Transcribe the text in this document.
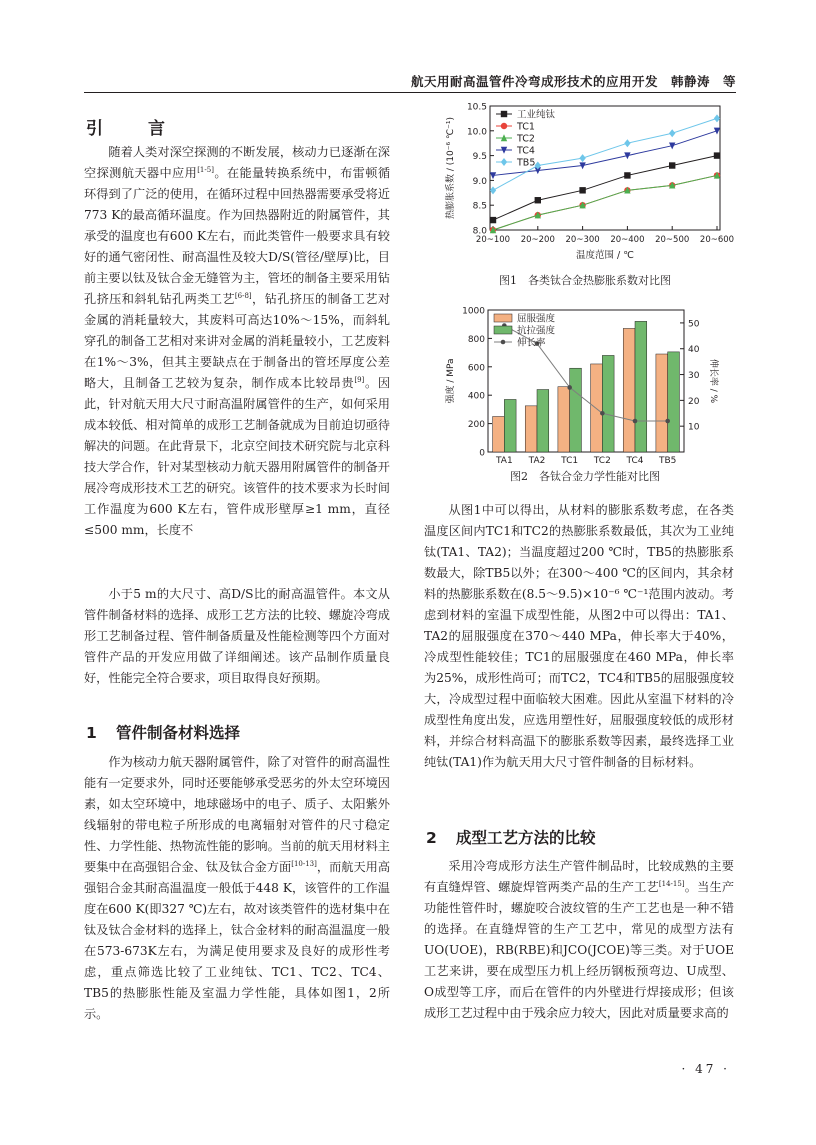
航天用耐高温管件冷弯成形技术的应用开发　韩静涛　等
引　言

随着人类对深空探测的不断发展，核动力已逐渐在深空探测航天器中应用[1-5]。在能量转换系统中，布雷顿循环得到了广泛的使用，在循环过程中回热器需要承受将近773 K的最高循环温度。作为回热器附近的附属管件，其承受的温度也有600 K左右，而此类管件一般要求具有较好的通气密闭性、耐高温性及较大D/S(管径/壁厚)比，目前主要以钛及钛合金无缝管为主，管坯的制备主要采用钻孔挤压和斜轧钻孔两类工艺[6-8]，钻孔挤压的制备工艺对金属的消耗量较大，其废料可高达10%～15%，而斜轧穿孔的制备工艺相对来讲对金属的消耗量较小，工艺废料在1%～3%，但其主要缺点在于制备出的管坯厚度公差略大，且制备工艺较为复杂，制作成本比较昂贵[9]。因此，针对航天用大尺寸耐高温附属管件的生产，如何采用成本较低、相对简单的成形工艺制备就成为目前迫切亟待解决的问题。在此背景下，北京空间技术研究院与北京科技大学合作，针对某型核动力航天器用附属管件的制备开展冷弯成形技术工艺的研究。该管件的技术要求为长时间工作温度为600 K左右，管件成形壁厚≥1 mm，直径≤500 mm，长度不

小于5 m的大尺寸、高D/S比的耐高温管件。本文从管件制备材料的选择、成形工艺方法的比较、螺旋冷弯成形工艺制备过程、管件制备质量及性能检测等四个方面对管件产品的开发应用做了详细阐述。该产品制作质量良好，性能完全符合要求，项目取得良好预期。

1 管件制备材料选择

作为核动力航天器附属管件，除了对管件的耐高温性能有一定要求外，同时还要能够承受恶劣的外太空环境因素，如太空环境中，地球磁场中的电子、质子、太阳紫外线辐射的带电粒子所形成的电离辐射对管件的尺寸稳定性、力学性能、热物流性能的影响。当前的航天用材料主要集中在高强铝合金、钛及钛合金方面[10-13]，而航天用高强铝合金其耐高温温度一般低于448 K，该管件的工作温度在600 K(即327 ℃)左右，故对该类管件的选材集中在钛及钛合金材料的选择上，钛合金材料的耐高温温度一般在573-673K左右，为满足使用要求及良好的成形性考虑，重点筛选比较了工业纯钛、TC1、TC2、TC4、TB5的热膨胀性能及室温力学性能，具体如图1，2所示。

8.0
8.5
9.0
9.5
10.0
10.5
20~100 20~200 20~300 20~400 20~500 20~600
温度范围 / ℃
热膨胀系数 / (10⁻⁶ ℃⁻¹)
工业纯钛
TC1
TC2
TC4
TB5
图1　各类钛合金热膨胀系数对比图
0
200
400
600
800
1000
10
20
30
40
50
TA1 TA2 TC1 TC2 TC4 TB5
强度 / MPa	伸长率 / %
屈服强度
抗拉强度
伸长率
图2　各钛合金力学性能对比图

从图1中可以得出，从材料的膨胀系数考虑，在各类温度区间内TC1和TC2的热膨胀系数最低，其次为工业纯钛(TA1、TA2)；当温度超过200 ℃时，TB5的热膨胀系数最大，除TB5以外；在300～400 ℃的区间内，其余材料的热膨胀系数在(8.5～9.5)×10⁻⁶ ℃⁻¹范围内波动。考虑到材料的室温下成型性能，从图2中可以得出：TA1、TA2的屈服强度在370～440 MPa，伸长率大于40%，冷成型性能较佳；TC1的屈服强度在460 MPa，伸长率为25%，成形性尚可；而TC2，TC4和TB5的屈服强度较大，冷成型过程中面临较大困难。因此从室温下材料的冷成型性角度出发，应选用塑性好，屈服强度较低的成形材料，并综合材料高温下的膨胀系数等因素，最终选择工业纯钛(TA1)作为航天用大尺寸管件制备的目标材料。

2 成型工艺方法的比较

采用冷弯成形方法生产管件制品时，比较成熟的主要有直缝焊管、螺旋焊管两类产品的生产工艺[14-15]。当生产功能性管件时，螺旋咬合波纹管的生产工艺也是一种不错的选择。在直缝焊管的生产工艺中，常见的成型方法有UO(UOE)，RB(RBE)和JCO(JCOE)等三类。对于UOE工艺来讲，要在成型压力机上经历钢板预弯边、U成型、O成型等工序，而后在管件的内外壁进行焊接成形；但该成形工艺过程中由于残余应力较大，因此对质量要求高的

· 47 ·
